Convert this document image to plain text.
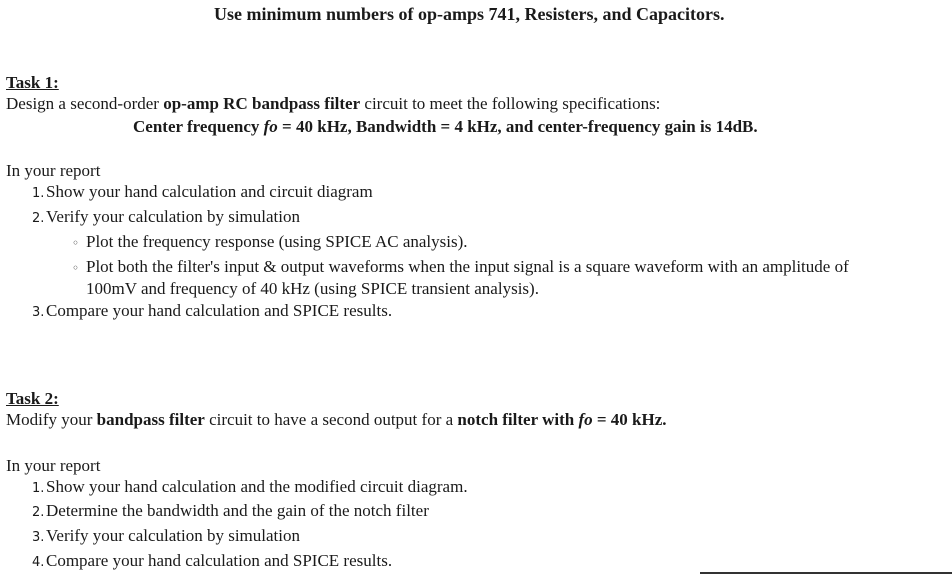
Use minimum numbers of op-amps 741, Resisters, and Capacitors.
Task 1:
Design a second-order op-amp RC bandpass filter circuit to meet the following specifications:
Center frequency fo = 40 kHz, Bandwidth = 4 kHz, and center-frequency gain is 14dB.
In your report
1.Show your hand calculation and circuit diagram
2.Verify your calculation by simulation
◦ Plot the frequency response (using SPICE AC analysis).
◦ Plot both the filter's input & output waveforms when the input signal is a square waveform with an amplitude of
100mV and frequency of 40 kHz (using SPICE transient analysis).
3.Compare your hand calculation and SPICE results.
Task 2:
Modify your bandpass filter circuit to have a second output for a notch filter with fo = 40 kHz.
In your report
1.Show your hand calculation and the modified circuit diagram.
2.Determine the bandwidth and the gain of the notch filter
3.Verify your calculation by simulation
4.Compare your hand calculation and SPICE results.
